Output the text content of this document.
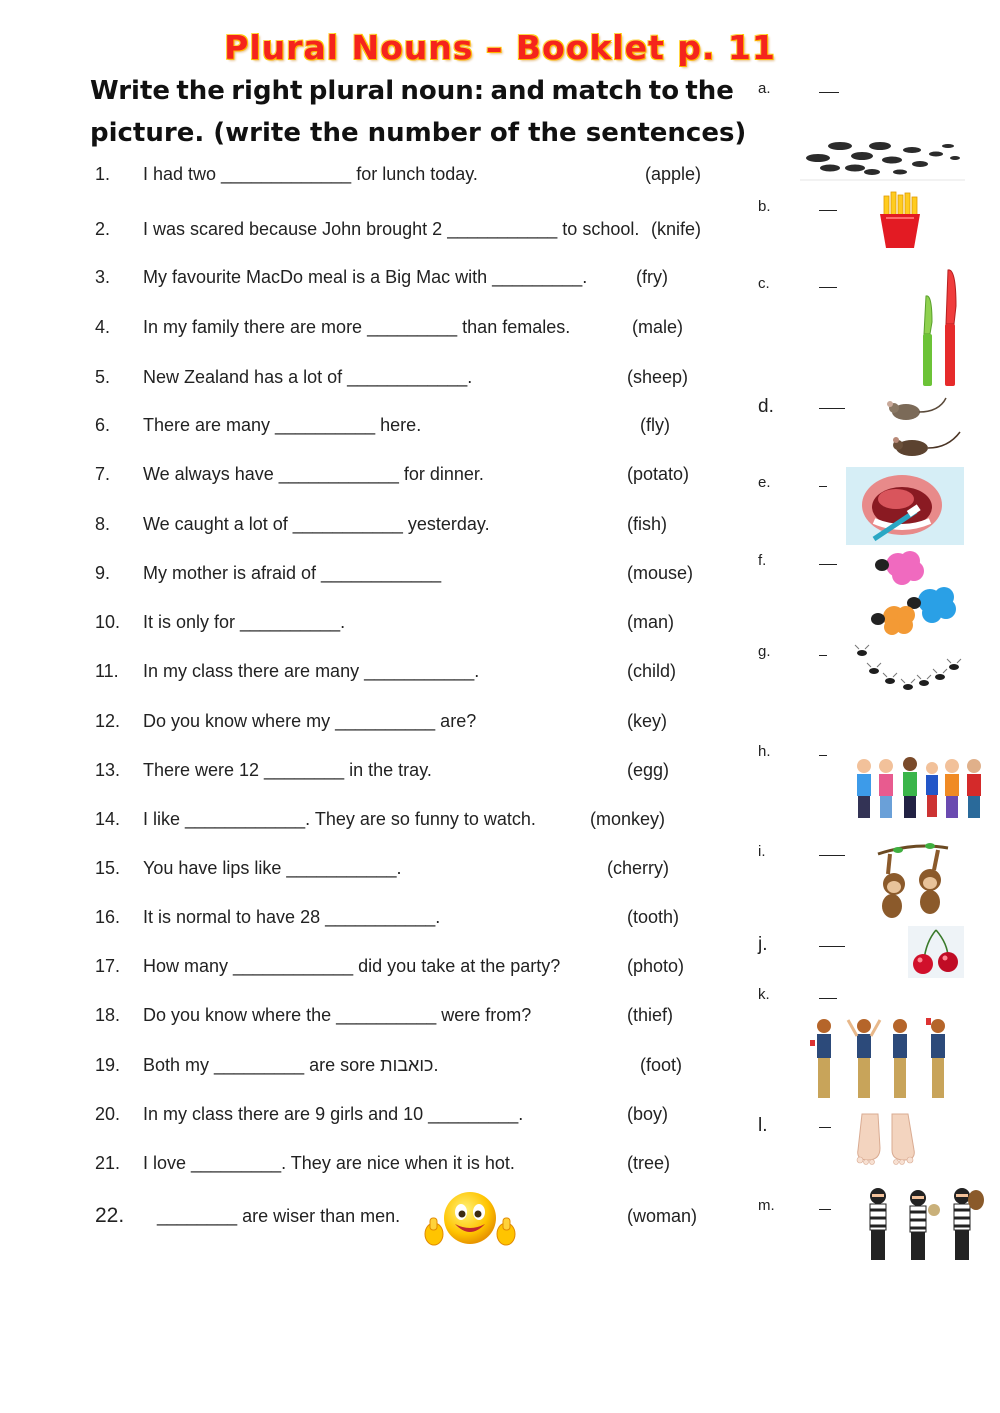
Plural Nouns – Booklet p. 11
Write the right plural noun: and match to the
picture. (write the number of the sentences)
1. I had two _____________ for lunch today.	(apple)
2. I was scared because John brought 2 ___________ to school. (knife)
3. My favourite MacDo meal is a Big Mac with _________.	(fry)
4. In my family there are more _________ than females.	(male)
5. New Zealand has a lot of ____________.	(sheep)
6. There are many __________ here.	(fly)
7. We always have ____________ for dinner.	(potato)
8. We caught a lot of ___________ yesterday.	(fish)
9. My mother is afraid of ____________	(mouse)
10. It is only for __________.	(man)
11. In my class there are many ___________.	(child)
12. Do you know where my __________ are?	(key)
13. There were 12 ________ in the tray.	(egg)
14. I like ____________. They are so funny to watch.	(monkey)
15. You have lips like ___________.	(cherry)
16. It is normal to have 28 ___________.	(tooth)
17. How many ____________ did you take at the party?	(photo)
18. Do you know where the __________ were from?	(thief)
19. Both my _________ are sore כואבות.	(foot)
20. In my class there are 9 girls and 10 _________.	(boy)
21. I love _________. They are nice when it is hot.	(tree)
22. ________ are wiser than men.	(woman)
a.
b.
c.
d.
e.
f.
g.
h.
i.
j.
k.
l.
m.
